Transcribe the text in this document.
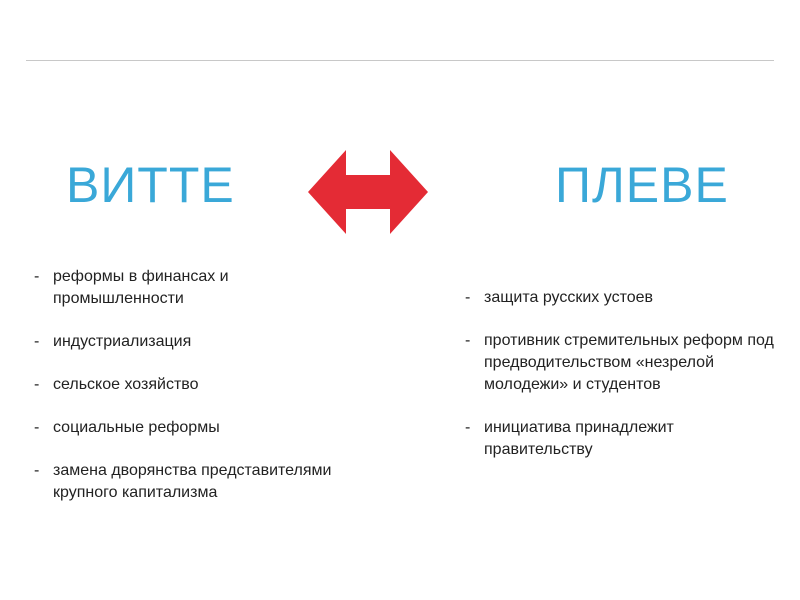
ВИТТЕ	ПЛЕВЕ
- реформы в финансах и промышленности
- индустриализация
- сельское хозяйство
- социальные реформы
- замена дворянства представителями крупного капитализма
- защита русских устоев
- противник стремительных реформ под предводительством «незрелой молодежи» и студентов
- инициатива принадлежит правительству
